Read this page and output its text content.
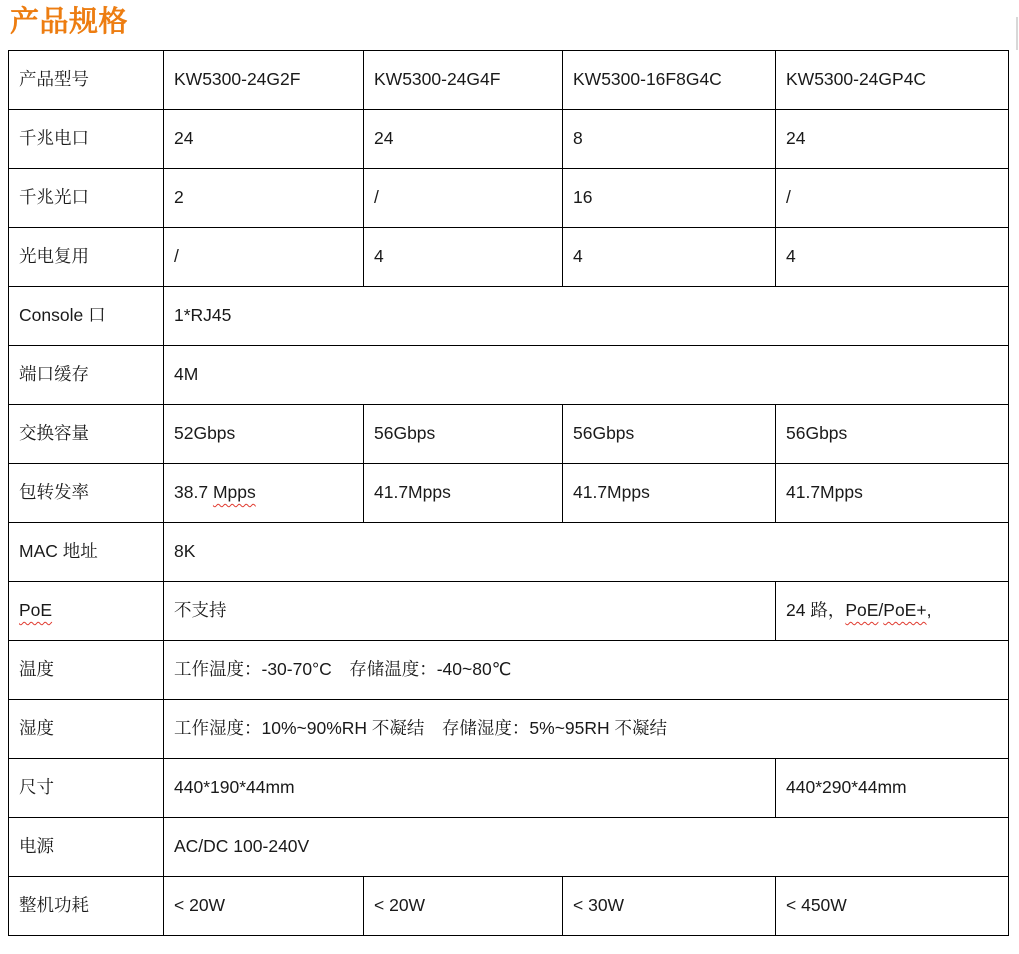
产品规格
产品型号	KW5300-24G2F	KW5300-24G4F	KW5300-16F8G4C	KW5300-24GP4C
千兆电口	24	24	8	24
千兆光口	2	/	16	/
光电复用	/	4	4	4
Console 口	1*RJ45			
端口缓存	4M			
交换容量	52Gbps	56Gbps	56Gbps	56Gbps
包转发率	38.7 Mpps	41.7Mpps	41.7Mpps	41.7Mpps
MAC 地址	8K			
PoE	不支持			24 路，PoE/PoE+,
温度	工作温度：-30-70°C　存储温度：-40~80℃			
湿度	工作湿度：10%~90%RH 不凝结　存储湿度：5%~95RH 不凝结			
尺寸	440*190*44mm			440*290*44mm
电源	AC/DC 100-240V			
整机功耗	< 20W	< 20W	< 30W	< 450W
